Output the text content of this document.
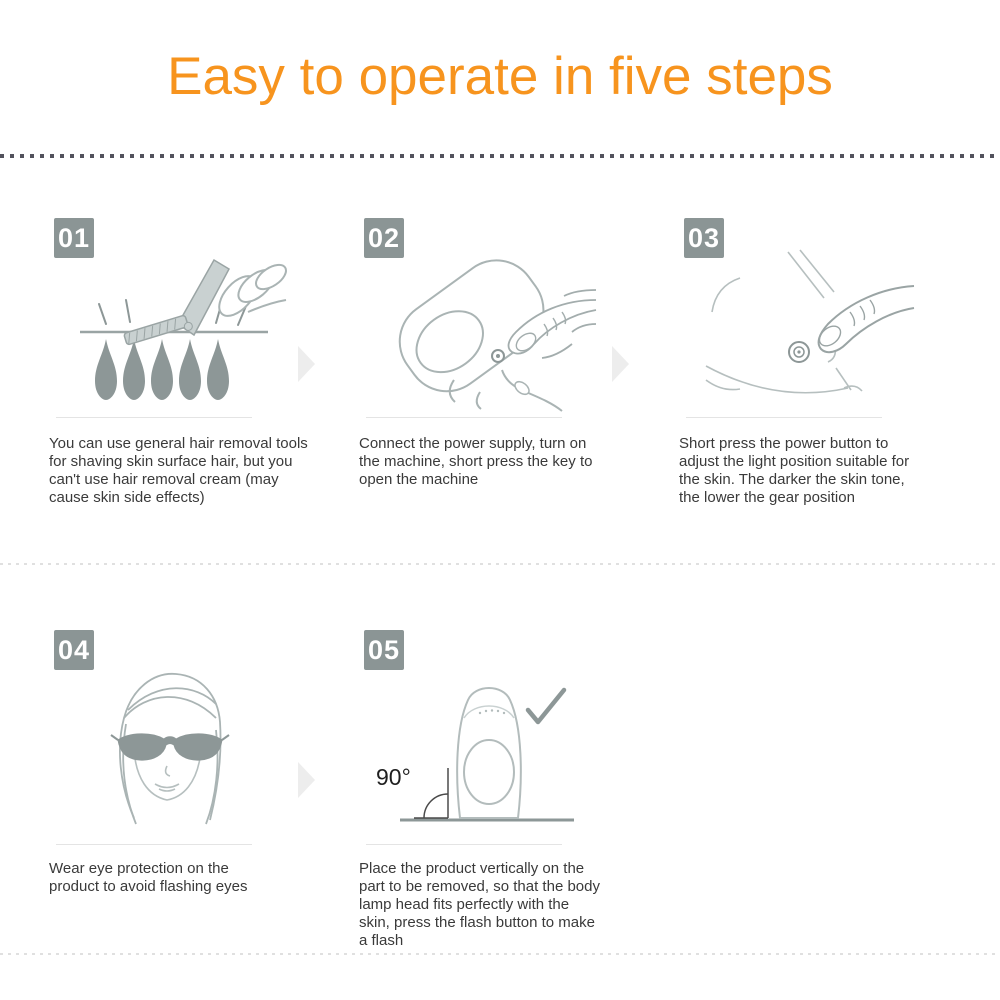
Easy to operate in five steps
01
You can use general hair removal tools for shaving skin surface hair, but you can't use hair removal cream (may cause skin side effects)
02
Connect the power supply, turn on the machine, short press the key to open the machine
03
Short press the power button to adjust the light position suitable for the skin. The darker the skin tone, the lower the gear position
04
Wear eye protection on the product to avoid flashing eyes
05
90°
Place the product vertically on the part to be removed, so that the body lamp head fits perfectly with the skin, press the flash button to make a flash
